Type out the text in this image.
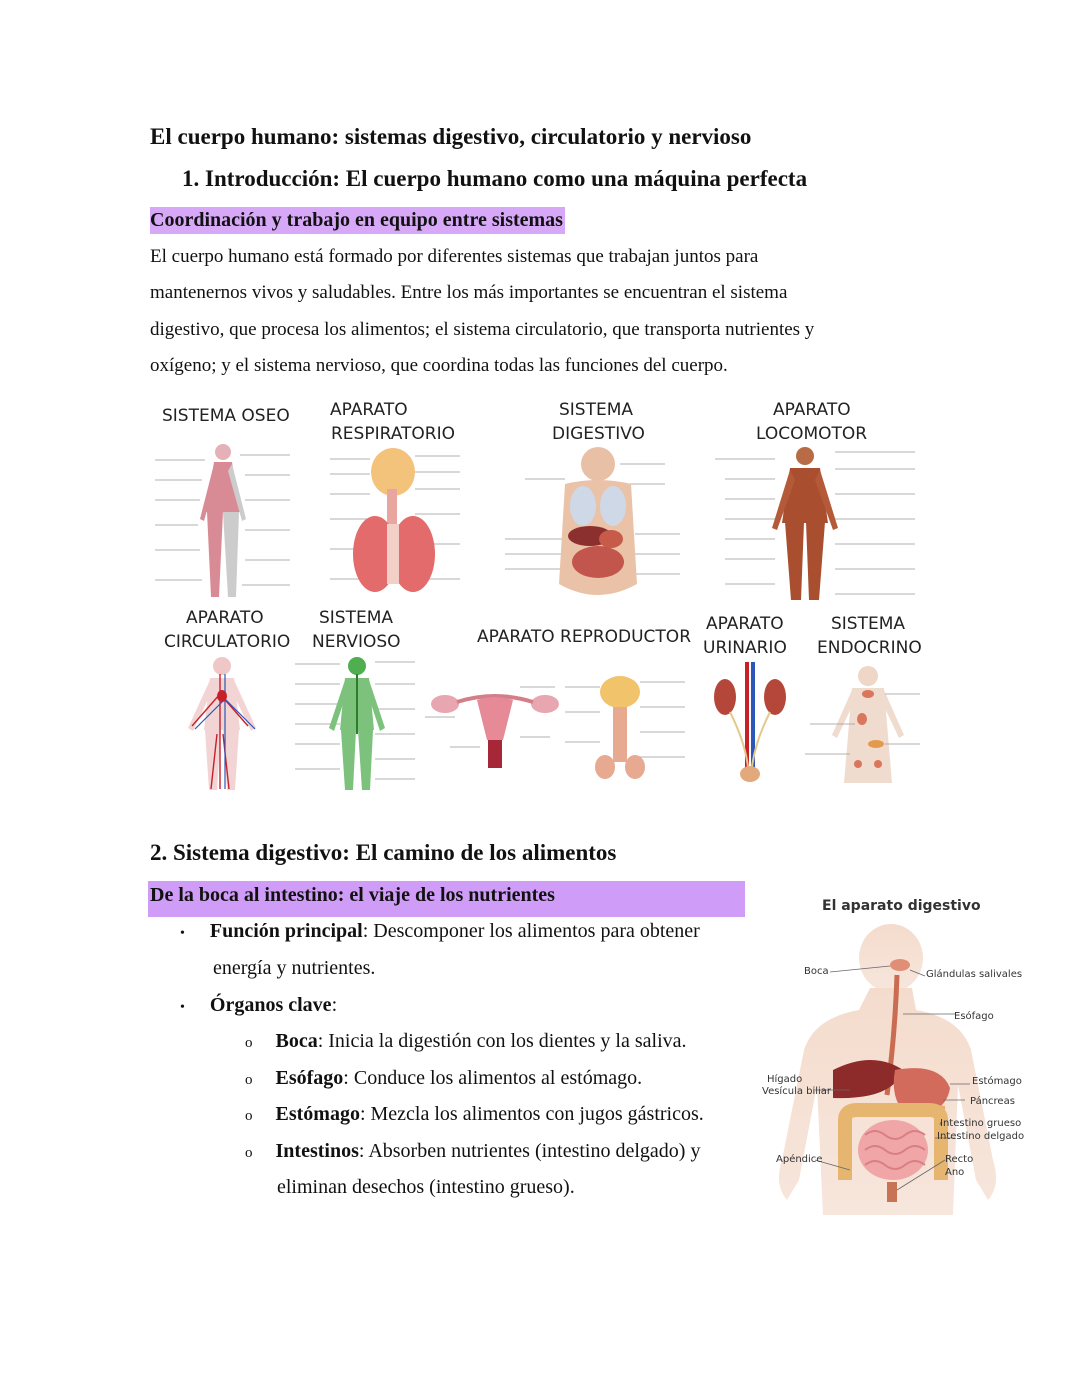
El cuerpo humano: sistemas digestivo, circulatorio y nervioso
1. Introducción: El cuerpo humano como una máquina perfecta
Coordinación y trabajo en equipo entre sistemas
El cuerpo humano está formado por diferentes sistemas que trabajan juntos para
mantenernos vivos y saludables. Entre los más importantes se encuentran el sistema
digestivo, que procesa los alimentos; el sistema circulatorio, que transporta nutrientes y
oxígeno; y el sistema nervioso, que coordina todas las funciones del cuerpo.
SISTEMA OSEO APARATO
RESPIRATORIO
SISTEMA
DIGESTIVO
APARATO
LOCOMOTOR
APARATO
CIRCULATORIO
SISTEMA
NERVIOSO	APARATO REPRODUCTOR
APARATO
URINARIO
SISTEMA
ENDOCRINO
2. Sistema digestivo: El camino de los alimentos
De la boca al intestino: el viaje de los nutrientes
• Función principal: Descomponer los alimentos para obtener
energía y nutrientes.
• Órganos clave:
o Boca: Inicia la digestión con los dientes y la saliva.
o Esófago: Conduce los alimentos al estómago.
o Estómago: Mezcla los alimentos con jugos gástricos.
o Intestinos: Absorben nutrientes (intestino delgado) y
eliminan desechos (intestino grueso).
El aparato digestivo
Boca	Glándulas salivales
Esófago
Hígado
Vesícula biliar
Estómago
Páncreas
Intestino grueso
Intestino delgado
Apéndice	Recto
Ano
